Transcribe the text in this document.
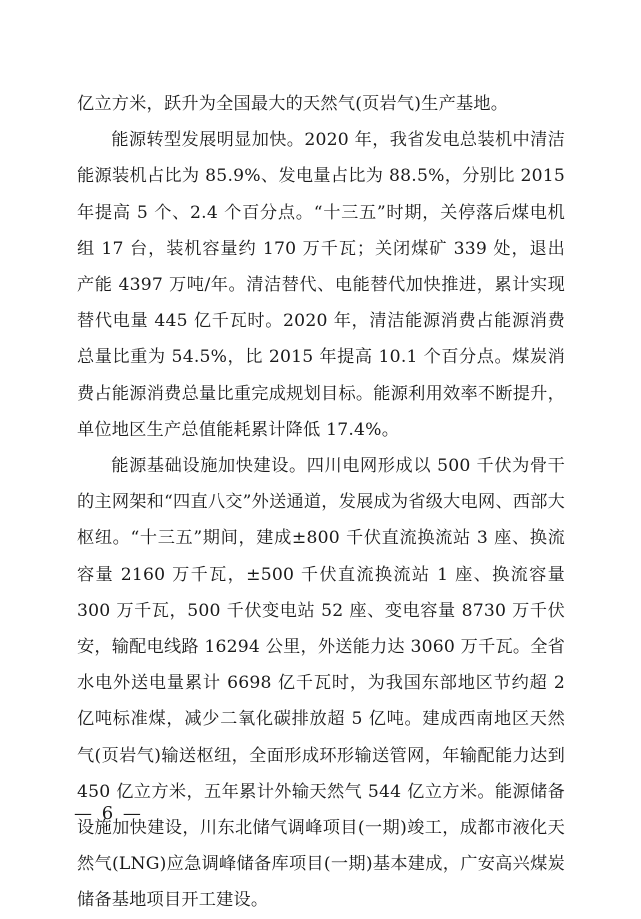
亿立方米，跃升为全国最大的天然气(页岩气)生产基地。

能源转型发展明显加快。2020 年，我省发电总装机中清洁能源装机占比为 85.9%、发电量占比为 88.5%，分别比 2015 年提高 5 个、2.4 个百分点。“十三五”时期，关停落后煤电机组 17 台，装机容量约 170 万千瓦；关闭煤矿 339 处，退出产能 4397 万吨/年。清洁替代、电能替代加快推进，累计实现替代电量 445 亿千瓦时。2020 年，清洁能源消费占能源消费总量比重为 54.5%，比 2015 年提高 10.1 个百分点。煤炭消费占能源消费总量比重完成规划目标。能源利用效率不断提升，单位地区生产总值能耗累计降低 17.4%。

能源基础设施加快建设。四川电网形成以 500 千伏为骨干的主网架和“四直八交”外送通道，发展成为省级大电网、西部大枢纽。“十三五”期间，建成±800 千伏直流换流站 3 座、换流容量 2160 万千瓦，±500 千伏直流换流站 1 座、换流容量 300 万千瓦，500 千伏变电站 52 座、变电容量 8730 万千伏安，输配电线路 16294 公里，外送能力达 3060 万千瓦。全省水电外送电量累计 6698 亿千瓦时，为我国东部地区节约超 2 亿吨标准煤，减少二氧化碳排放超 5 亿吨。建成西南地区天然气(页岩气)输送枢纽，全面形成环形输送管网，年输配能力达到 450 亿立方米，五年累计外输天然气 544 亿立方米。能源储备设施加快建设，川东北储气调峰项目(一期)竣工，成都市液化天然气(LNG)应急调峰储备库项目(一期)基本建成，广安高兴煤炭储备基地项目开工建设。

— 6 —
